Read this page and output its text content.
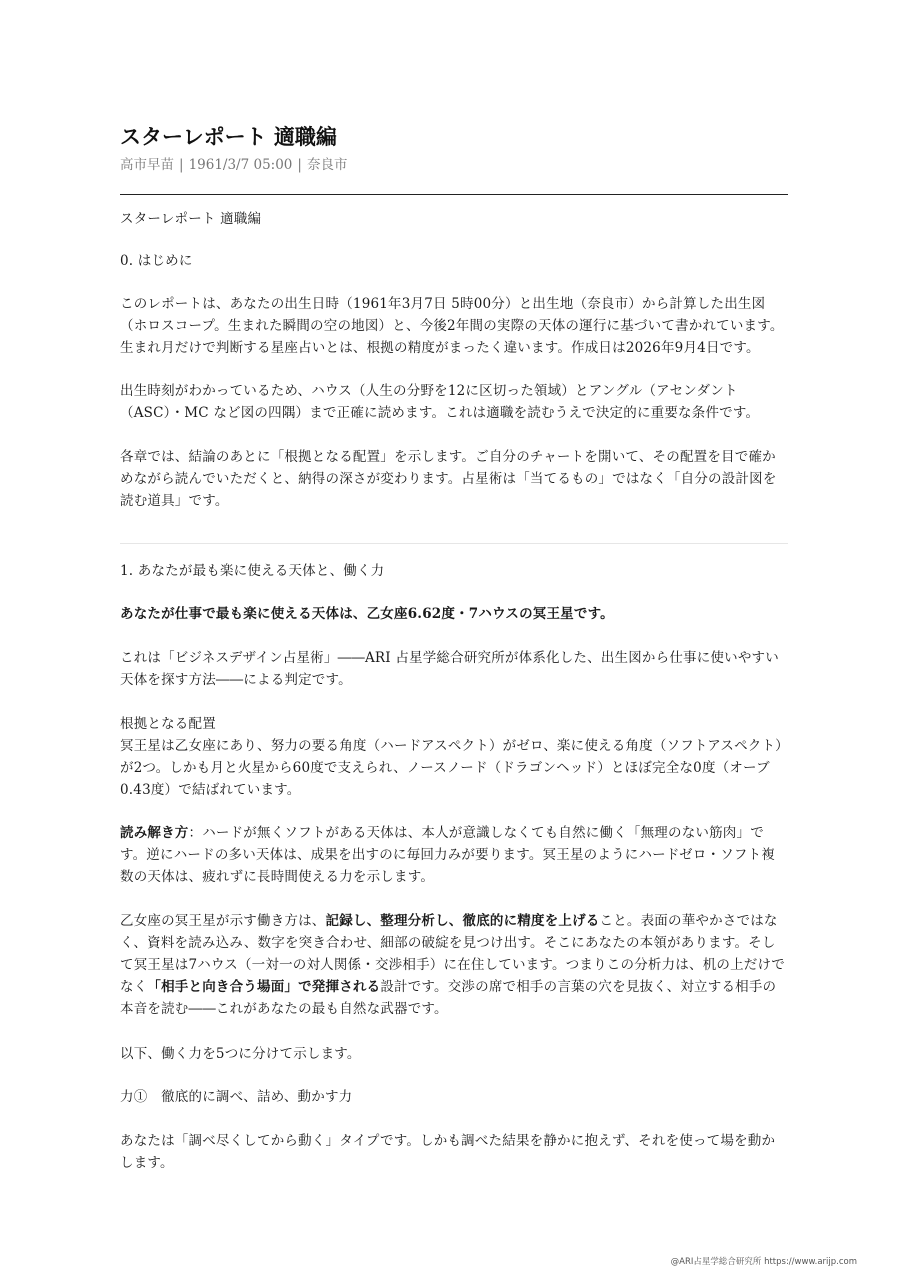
スターレポート 適職編
高市早苗 | 1961/3/7 05:00 | 奈良市

スターレポート 適職編

0. はじめに

このレポートは、あなたの出生日時（1961年3月7日 5時00分）と出生地（奈良市）から計算した出生図（ホロスコープ。生まれた瞬間の空の地図）と、今後2年間の実際の天体の運行に基づいて書かれています。生まれ月だけで判断する星座占いとは、根拠の精度がまったく違います。作成日は2026年9月4日です。

出生時刻がわかっているため、ハウス（人生の分野を12に区切った領域）とアングル（アセンダント（ASC）・MC など図の四隅）まで正確に読めます。これは適職を読むうえで決定的に重要な条件です。

各章では、結論のあとに「根拠となる配置」を示します。ご自分のチャートを開いて、その配置を目で確かめながら読んでいただくと、納得の深さが変わります。占星術は「当てるもの」ではなく「自分の設計図を読む道具」です。

1. あなたが最も楽に使える天体と、働く力

あなたが仕事で最も楽に使える天体は、乙女座6.62度・7ハウスの冥王星です。

これは「ビジネスデザイン占星術」――ARI 占星学総合研究所が体系化した、出生図から仕事に使いやすい天体を探す方法――による判定です。

根拠となる配置
冥王星は乙女座にあり、努力の要る角度（ハードアスペクト）がゼロ、楽に使える角度（ソフトアスペクト）が2つ。しかも月と火星から60度で支えられ、ノースノード（ドラゴンヘッド）とほぼ完全な0度（オーブ0.43度）で結ばれています。

読み解き方：ハードが無くソフトがある天体は、本人が意識しなくても自然に働く「無理のない筋肉」です。逆にハードの多い天体は、成果を出すのに毎回力みが要ります。冥王星のようにハードゼロ・ソフト複数の天体は、疲れずに長時間使える力を示します。

乙女座の冥王星が示す働き方は、記録し、整理分析し、徹底的に精度を上げること。表面の華やかさではなく、資料を読み込み、数字を突き合わせ、細部の破綻を見つけ出す。そこにあなたの本領があります。そして冥王星は7ハウス（一対一の対人関係・交渉相手）に在住しています。つまりこの分析力は、机の上だけでなく「相手と向き合う場面」で発揮される設計です。交渉の席で相手の言葉の穴を見抜く、対立する相手の本音を読む――これがあなたの最も自然な武器です。

以下、働く力を5つに分けて示します。

力①　徹底的に調べ、詰め、動かす力

あなたは「調べ尽くしてから動く」タイプです。しかも調べた結果を静かに抱えず、それを使って場を動かします。

@ARI占星学総合研究所 https://www.arijp.com
